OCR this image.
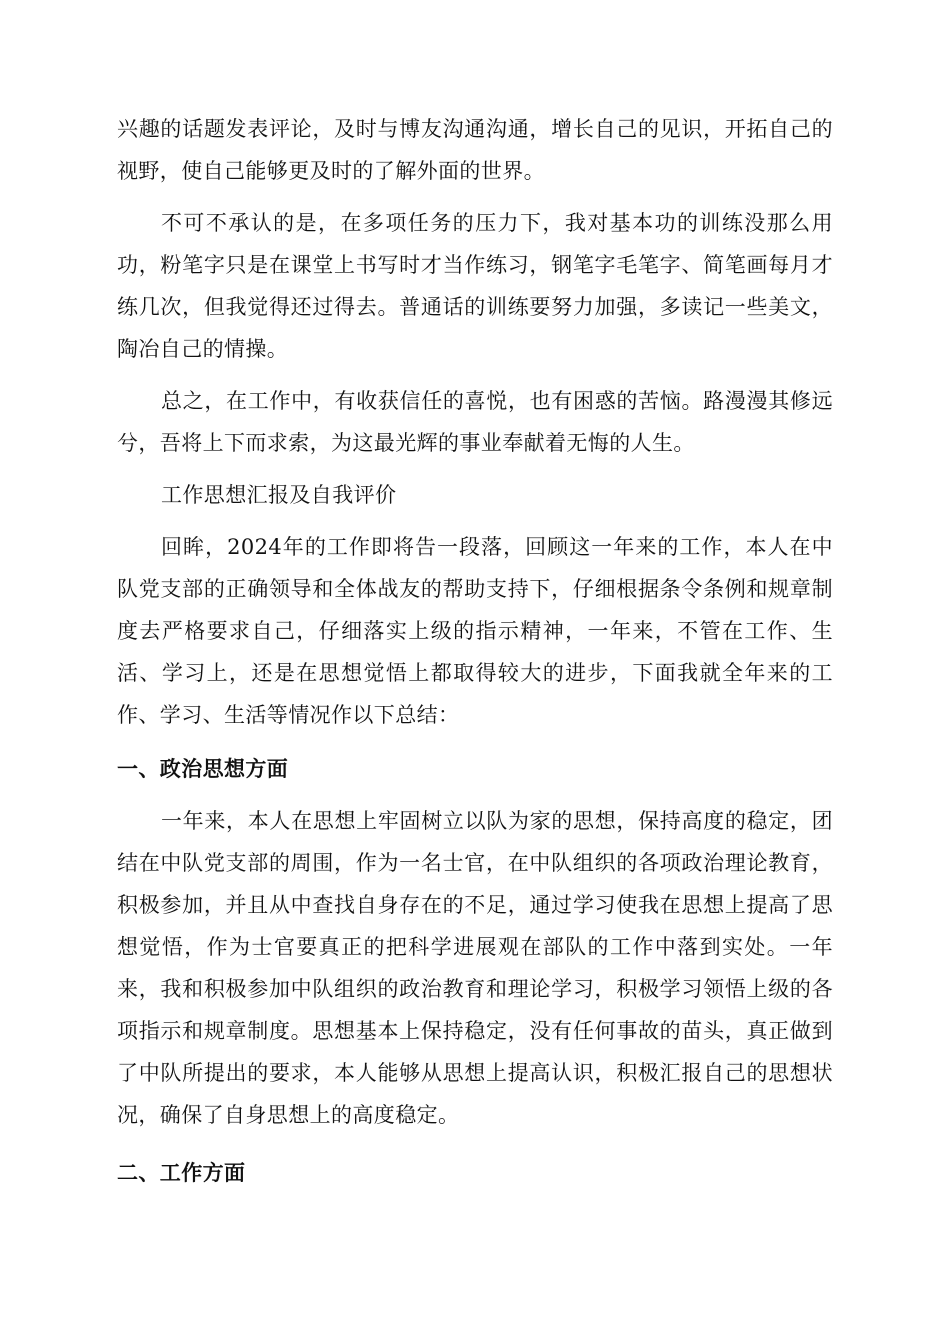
兴趣的话题发表评论，及时与博友沟通沟通，增长自己的见识，开拓自己的视野，使自己能够更及时的了解外面的世界。

不可不承认的是，在多项任务的压力下，我对基本功的训练没那么用功，粉笔字只是在课堂上书写时才当作练习，钢笔字毛笔字、简笔画每月才练几次，但我觉得还过得去。普通话的训练要努力加强，多读记一些美文，陶冶自己的情操。

总之，在工作中，有收获信任的喜悦，也有困惑的苦恼。路漫漫其修远兮，吾将上下而求索，为这最光辉的事业奉献着无悔的人生。

工作思想汇报及自我评价

回眸，2024年的工作即将告一段落，回顾这一年来的工作，本人在中队党支部的正确领导和全体战友的帮助支持下，仔细根据条令条例和规章制度去严格要求自己，仔细落实上级的指示精神，一年来，不管在工作、生活、学习上，还是在思想觉悟上都取得较大的进步，下面我就全年来的工作、学习、生活等情况作以下总结：

一、政治思想方面

一年来，本人在思想上牢固树立以队为家的思想，保持高度的稳定，团结在中队党支部的周围，作为一名士官，在中队组织的各项政治理论教育，积极参加，并且从中查找自身存在的不足，通过学习使我在思想上提高了思想觉悟，作为士官要真正的把科学进展观在部队的工作中落到实处。一年来，我和积极参加中队组织的政治教育和理论学习，积极学习领悟上级的各项指示和规章制度。思想基本上保持稳定，没有任何事故的苗头，真正做到了中队所提出的要求，本人能够从思想上提高认识，积极汇报自己的思想状况，确保了自身思想上的高度稳定。

二、工作方面
